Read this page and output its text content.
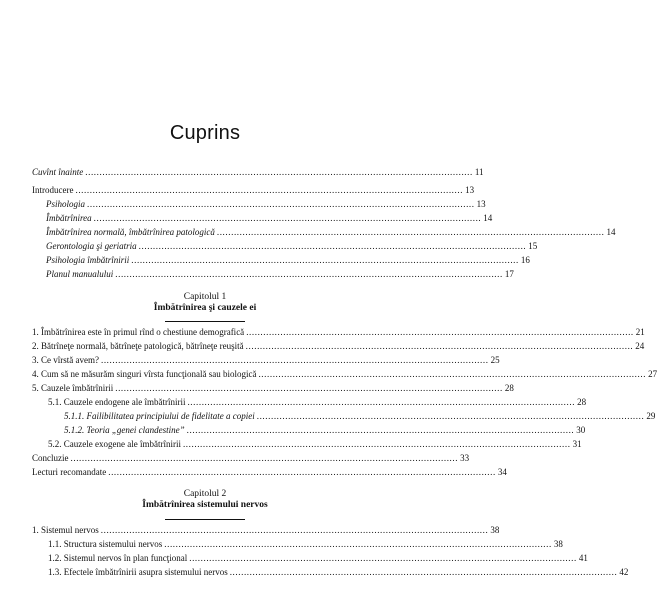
Cuprins
Cuvînt înainte ........................................................................................................................................ 11
Introducere ........................................................................................................................................ 13
Psihologia ........................................................................................................................................ 13
Îmbătrînirea ........................................................................................................................................ 14
Îmbătrînirea normală, îmbătrînirea patologică ........................................................................................................................................ 14
Gerontologia şi geriatria ........................................................................................................................................ 15
Psihologia îmbătrînirii ........................................................................................................................................ 16
Planul manualului ........................................................................................................................................ 17
Capitolul 1
Îmbătrînirea şi cauzele ei
1. Îmbătrînirea este în primul rînd o chestiune demografică ........................................................................................................................................ 21
2. Bătrîneţe normală, bătrîneţe patologică, bătrîneţe reuşită ........................................................................................................................................ 24
3. Ce vîrstă avem? ........................................................................................................................................ 25
4. Cum să ne măsurăm singuri vîrsta funcţională sau biologică ........................................................................................................................................ 27
5. Cauzele îmbătrînirii ........................................................................................................................................ 28
5.1. Cauzele endogene ale îmbătrînirii ........................................................................................................................................ 28
5.1.1. Failibilitatea principiului de fidelitate a copiei ........................................................................................................................................ 29
5.1.2. Teoria „genei clandestine” ........................................................................................................................................ 30
5.2. Cauzele exogene ale îmbătrînirii ........................................................................................................................................ 31
Concluzie ........................................................................................................................................ 33
Lecturi recomandate ........................................................................................................................................ 34
Capitolul 2
Îmbătrînirea sistemului nervos
1. Sistemul nervos ........................................................................................................................................ 38
1.1. Structura sistemului nervos ........................................................................................................................................ 38
1.2. Sistemul nervos în plan funcţional ........................................................................................................................................ 41
1.3. Efectele îmbătrînirii asupra sistemului nervos ........................................................................................................................................ 42
